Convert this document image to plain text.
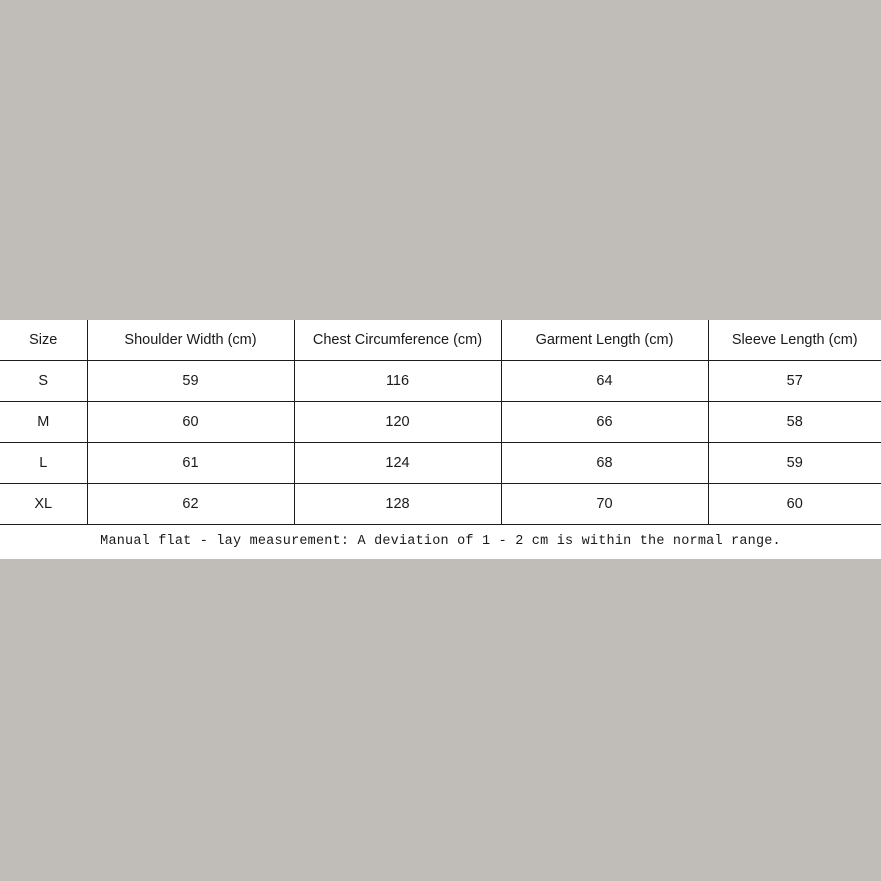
Size	Shoulder Width (cm)	Chest Circumference (cm)	Garment Length (cm)	Sleeve Length (cm)
S	59	116	64	57
M	60	120	66	58
L	61	124	68	59
XL	62	128	70	60
Manual flat - lay measurement: A deviation of 1 - 2 cm is within the normal range.
